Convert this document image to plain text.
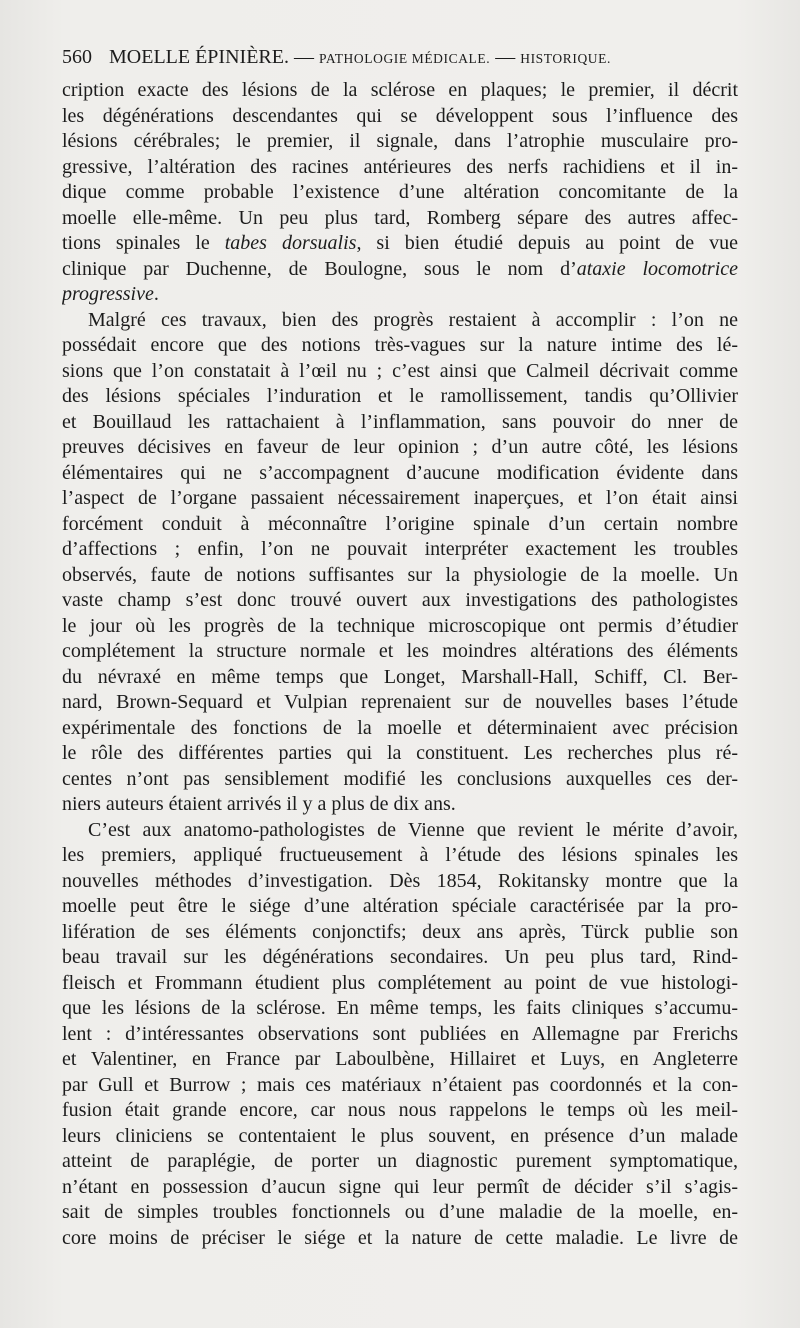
560 MOELLE ÉPINIÈRE. — PATHOLOGIE MÉDICALE. — HISTORIQUE.
cription exacte des lésions de la sclérose en plaques; le premier, il décrit
les dégénérations descendantes qui se développent sous l’influence des
lésions cérébrales; le premier, il signale, dans l’atrophie musculaire pro-
gressive, l’altération des racines antérieures des nerfs rachidiens et il in-
dique comme probable l’existence d’une altération concomitante de la
moelle elle-même. Un peu plus tard, Romberg sépare des autres affec-
tions spinales le tabes dorsualis, si bien étudié depuis au point de vue
clinique par Duchenne, de Boulogne, sous le nom d’ataxie locomotrice
progressive.
Malgré ces travaux, bien des progrès restaient à accomplir : l’on ne
possédait encore que des notions très-vagues sur la nature intime des lé-
sions que l’on constatait à l’œil nu ; c’est ainsi que Calmeil décrivait comme
des lésions spéciales l’induration et le ramollissement, tandis qu’Ollivier
et Bouillaud les rattachaient à l’inflammation, sans pouvoir do nner de
preuves décisives en faveur de leur opinion ; d’un autre côté, les lésions
élémentaires qui ne s’accompagnent d’aucune modification évidente dans
l’aspect de l’organe passaient nécessairement inaperçues, et l’on était ainsi
forcément conduit à méconnaître l’origine spinale d’un certain nombre
d’affections ; enfin, l’on ne pouvait interpréter exactement les troubles
observés, faute de notions suffisantes sur la physiologie de la moelle. Un
vaste champ s’est donc trouvé ouvert aux investigations des pathologistes
le jour où les progrès de la technique microscopique ont permis d’étudier
complétement la structure normale et les moindres altérations des éléments
du névraxé en même temps que Longet, Marshall-Hall, Schiff, Cl. Ber-
nard, Brown-Sequard et Vulpian reprenaient sur de nouvelles bases l’étude
expérimentale des fonctions de la moelle et déterminaient avec précision
le rôle des différentes parties qui la constituent. Les recherches plus ré-
centes n’ont pas sensiblement modifié les conclusions auxquelles ces der-
niers auteurs étaient arrivés il y a plus de dix ans.
C’est aux anatomo-pathologistes de Vienne que revient le mérite d’avoir,
les premiers, appliqué fructueusement à l’étude des lésions spinales les
nouvelles méthodes d’investigation. Dès 1854, Rokitansky montre que la
moelle peut être le siége d’une altération spéciale caractérisée par la pro-
lifération de ses éléments conjonctifs; deux ans après, Türck publie son
beau travail sur les dégénérations secondaires. Un peu plus tard, Rind-
fleisch et Frommann étudient plus complétement au point de vue histologi-
que les lésions de la sclérose. En même temps, les faits cliniques s’accumu-
lent : d’intéressantes observations sont publiées en Allemagne par Frerichs
et Valentiner, en France par Laboulbène, Hillairet et Luys, en Angleterre
par Gull et Burrow ; mais ces matériaux n’étaient pas coordonnés et la con-
fusion était grande encore, car nous nous rappelons le temps où les meil-
leurs cliniciens se contentaient le plus souvent, en présence d’un malade
atteint de paraplégie, de porter un diagnostic purement symptomatique,
n’étant en possession d’aucun signe qui leur permît de décider s’il s’agis-
sait de simples troubles fonctionnels ou d’une maladie de la moelle, en-
core moins de préciser le siége et la nature de cette maladie. Le livre de
